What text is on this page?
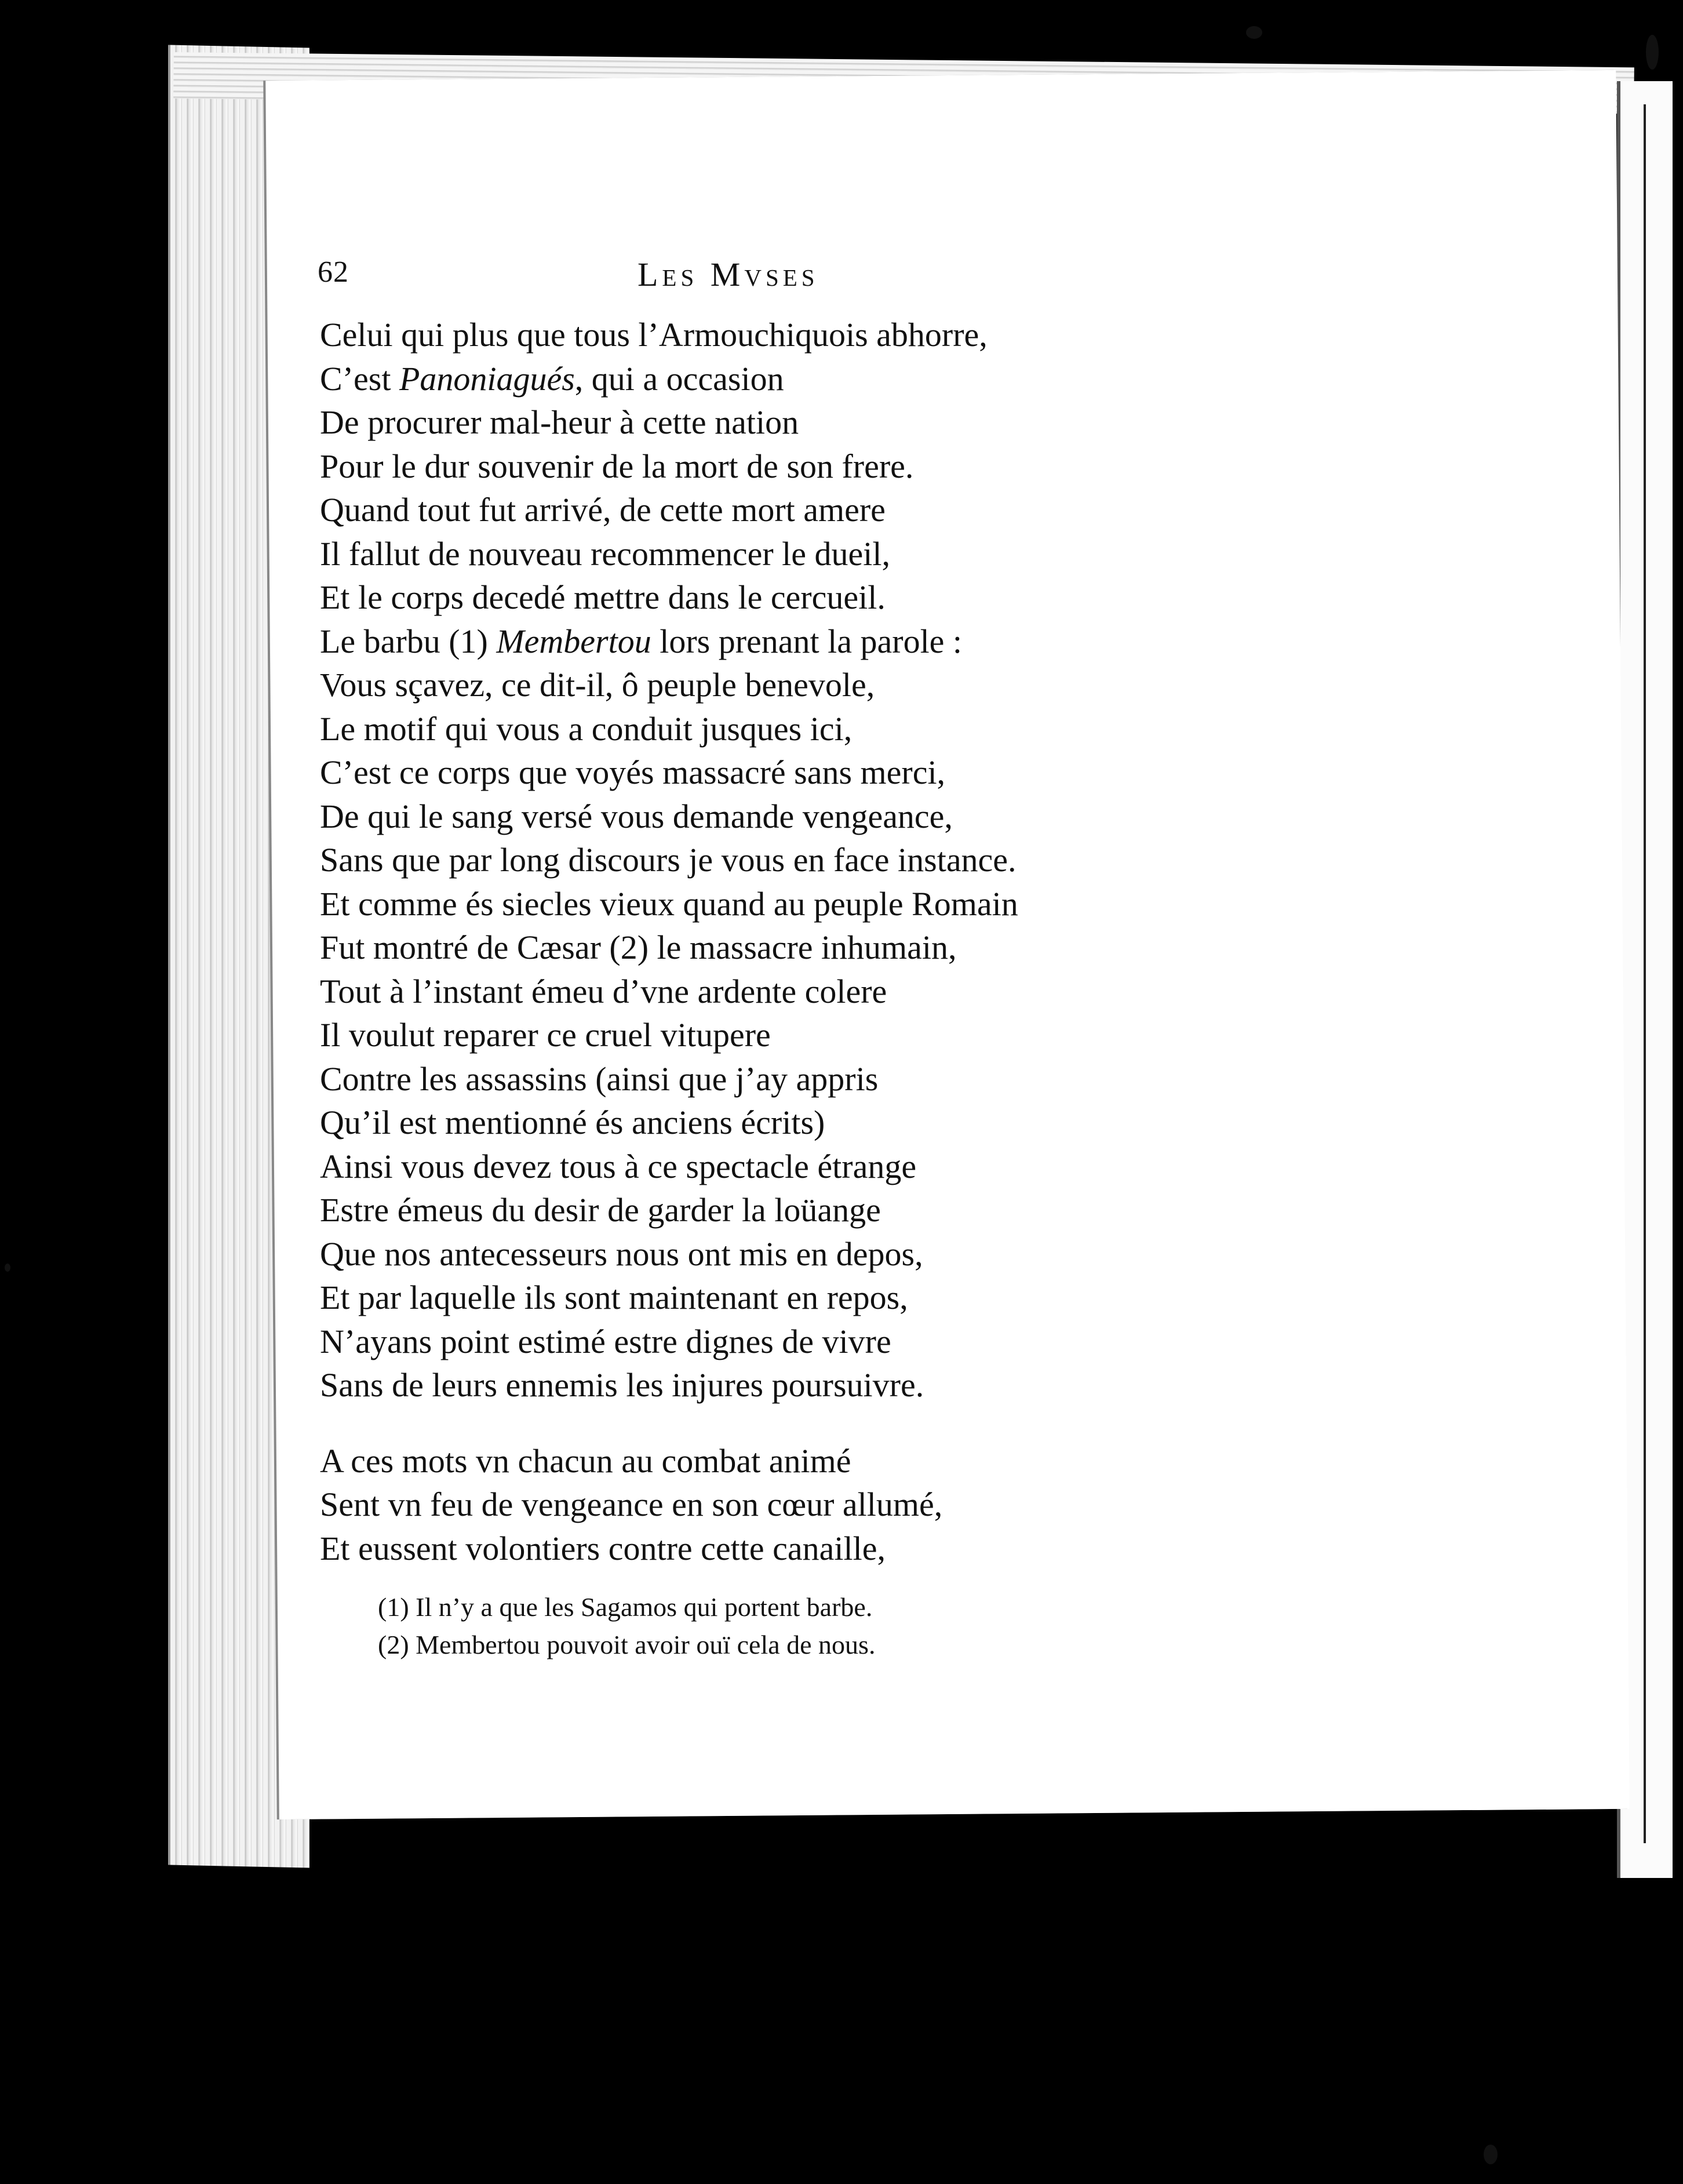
62	Les Mvses
Celui qui plus que tous l’Armouchiquois abhorre,
C’est Panoniagués, qui a occasion
De procurer mal-heur à cette nation
Pour le dur souvenir de la mort de son frere.
Quand tout fut arrivé, de cette mort amere
Il fallut de nouveau recommencer le dueil,
Et le corps decedé mettre dans le cercueil.
Le barbu (1) Membertou lors prenant la parole :
Vous sçavez, ce dit-il, ô peuple benevole,
Le motif qui vous a conduit jusques ici,
C’est ce corps que voyés massacré sans merci,
De qui le sang versé vous demande vengeance,
Sans que par long discours je vous en face instance.
Et comme és siecles vieux quand au peuple Romain
Fut montré de Cæsar (2) le massacre inhumain,
Tout à l’instant émeu d’vne ardente colere
Il voulut reparer ce cruel vitupere
Contre les assassins (ainsi que j’ay appris
Qu’il est mentionné és anciens écrits)
Ainsi vous devez tous à ce spectacle étrange
Estre émeus du desir de garder la loüange
Que nos antecesseurs nous ont mis en depos,
Et par laquelle ils sont maintenant en repos,
N’ayans point estimé estre dignes de vivre
Sans de leurs ennemis les injures poursuivre.
A ces mots vn chacun au combat animé
Sent vn feu de vengeance en son cœur allumé,
Et eussent volontiers contre cette canaille,
(1) Il n’y a que les Sagamos qui portent barbe.
(2) Membertou pouvoit avoir ouï cela de nous.
